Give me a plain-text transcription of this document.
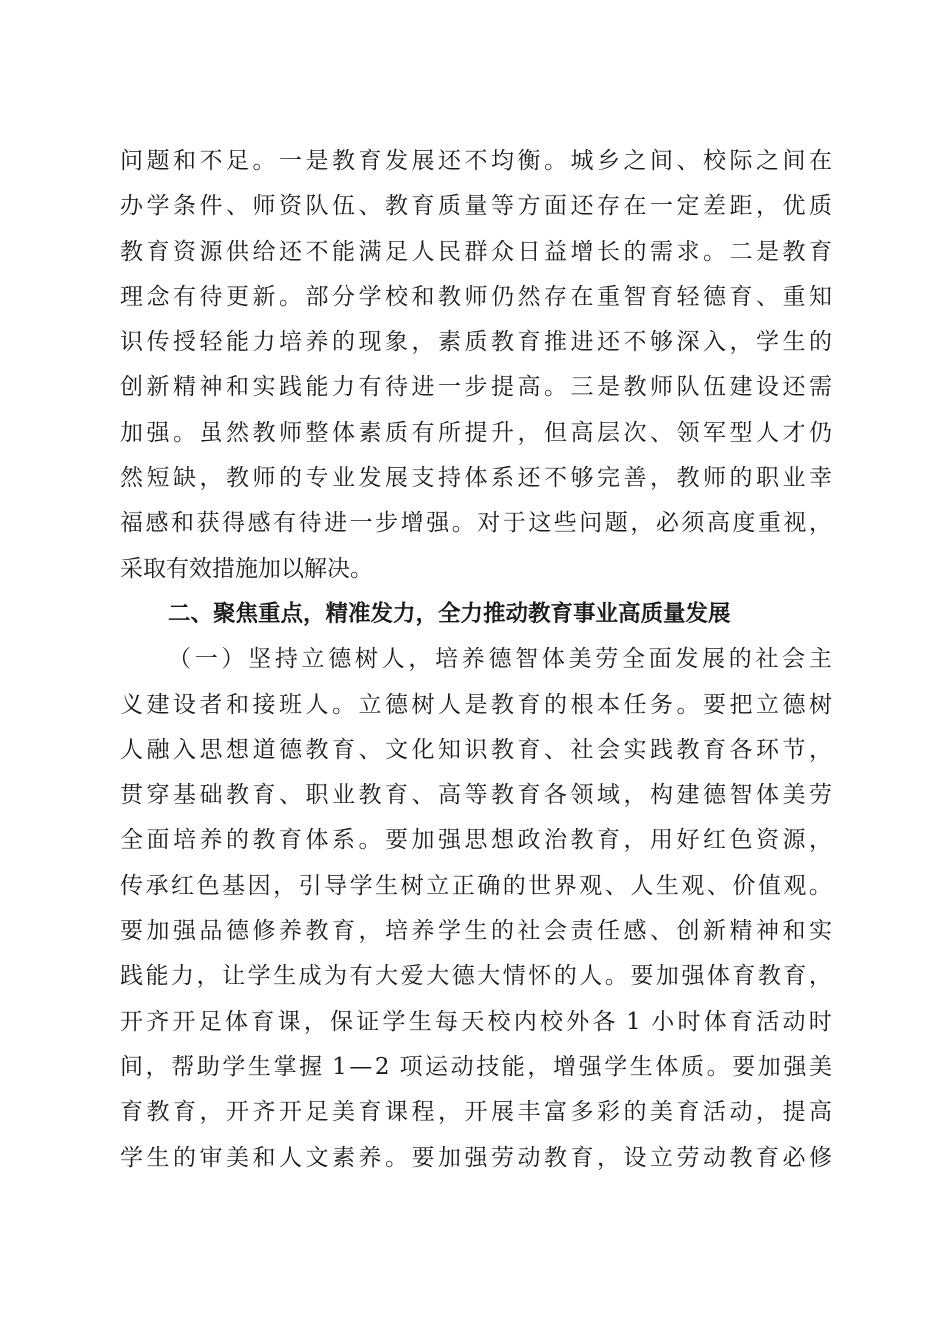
问 题 和 不 足 。 一 是 教 育 发 展 还 不 均 衡 。 城 乡 之 间 、 校 际 之 间 在
办 学 条 件 、 师 资 队 伍 、 教 育 质 量 等 方 面 还 存 在 一 定 差 距 ， 优 质
教 育 资 源 供 给 还 不 能 满 足 人 民 群 众 日 益 增 长 的 需 求 。 二 是 教 育
理 念 有 待 更 新 。 部 分 学 校 和 教 师 仍 然 存 在 重 智 育 轻 德 育 、 重 知
识 传 授 轻 能 力 培 养 的 现 象 ， 素 质 教 育 推 进 还 不 够 深 入 ， 学 生 的
创 新 精 神 和 实 践 能 力 有 待 进 一 步 提 高 。 三 是 教 师 队 伍 建 设 还 需
加 强 。 虽 然 教 师 整 体 素 质 有 所 提 升 ， 但 高 层 次 、 领 军 型 人 才 仍
然 短 缺 ， 教 师 的 专 业 发 展 支 持 体 系 还 不 够 完 善 ， 教 师 的 职 业 幸
福 感 和 获 得 感 有 待 进 一 步 增 强 。 对 于 这 些 问 题 ， 必 须 高 度 重 视 ，
采取有效措施加以解决。
二、聚焦重点，精准发力，全力推动教育事业高质量发展
（ 一 ） 坚 持 立 德 树 人 ， 培 养 德 智 体 美 劳 全 面 发 展 的 社 会 主
义 建 设 者 和 接 班 人 。 立 德 树 人 是 教 育 的 根 本 任 务 。 要 把 立 德 树
人 融 入 思 想 道 德 教 育 、 文 化 知 识 教 育 、 社 会 实 践 教 育 各 环 节 ，
贯 穿 基 础 教 育 、 职 业 教 育 、 高 等 教 育 各 领 域 ， 构 建 德 智 体 美 劳
全 面 培 养 的 教 育 体 系 。 要 加 强 思 想 政 治 教 育 ， 用 好 红 色 资 源 ，
传 承 红 色 基 因 ， 引 导 学 生 树 立 正 确 的 世 界 观 、 人 生 观 、 价 值 观 。
要 加 强 品 德 修 养 教 育 ， 培 养 学 生 的 社 会 责 任 感 、 创 新 精 神 和 实
践 能 力 ， 让 学 生 成 为 有 大 爱 大 德 大 情 怀 的 人 。 要 加 强 体 育 教 育 ，
开 齐 开 足 体 育 课 ， 保 证 学 生 每 天 校 内 校 外 各 1 小 时 体 育 活 动 时
间 ， 帮 助 学 生 掌 握 1 — 2 项 运 动 技 能 ， 增 强 学 生 体 质 。 要 加 强 美
育 教 育 ， 开 齐 开 足 美 育 课 程 ， 开 展 丰 富 多 彩 的 美 育 活 动 ， 提 高
学 生 的 审 美 和 人 文 素 养 。 要 加 强 劳 动 教 育 ， 设 立 劳 动 教 育 必 修
